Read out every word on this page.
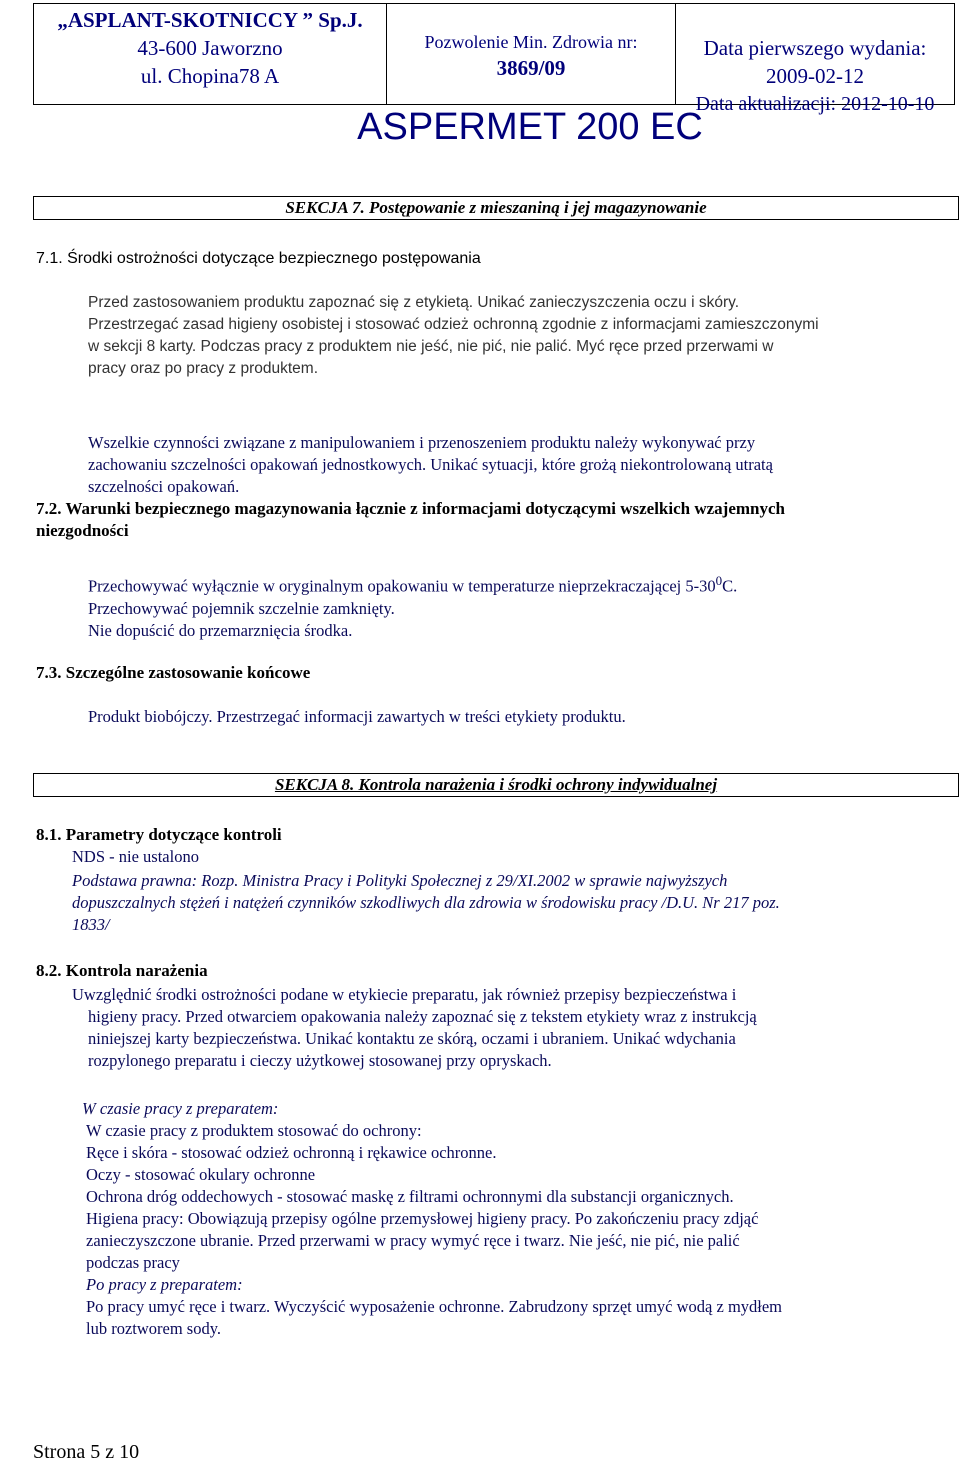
„ASPLANT-SKOTNICCY ” Sp.J.
43-600 Jaworzno
ul. Chopina78 A
Pozwolenie Min. Zdrowia nr:
3869/09
Data pierwszego wydania:
2009-02-12
Data aktualizacji: 2012-10-10
ASPERMET 200 EC
SEKCJA 7. Postępowanie z mieszaniną i jej magazynowanie
7.1. Środki ostrożności dotyczące bezpiecznego postępowania
Przed zastosowaniem produktu zapoznać się z etykietą. Unikać zanieczyszczenia oczu i skóry.
Przestrzegać zasad higieny osobistej i stosować odzież ochronną zgodnie z informacjami zamieszczonymi
w sekcji 8 karty. Podczas pracy z produktem nie jeść, nie pić, nie palić. Myć ręce przed przerwami w
pracy oraz po pracy z produktem.
Wszelkie czynności związane z manipulowaniem i przenoszeniem produktu należy wykonywać przy
zachowaniu szczelności opakowań jednostkowych. Unikać sytuacji, które grożą niekontrolowaną utratą
szczelności opakowań.
7.2. Warunki bezpiecznego magazynowania łącznie z informacjami dotyczącymi wszelkich wzajemnych
niezgodności
Przechowywać wyłącznie w oryginalnym opakowaniu w temperaturze nieprzekraczającej $5-30^0C$.
Przechowywać pojemnik szczelnie zamknięty.
Nie dopuścić do przemarznięcia środka.
7.3. Szczególne zastosowanie końcowe
Produkt biobójczy. Przestrzegać informacji zawartych w treści etykiety produktu.
SEKCJA 8. Kontrola narażenia i środki ochrony indywidualnej
8.1. Parametry dotyczące kontroli
NDS - nie ustalono
Podstawa prawna: Rozp. Ministra Pracy i Polityki Społecznej z 29/XI.2002 w sprawie najwyższych
dopuszczalnych stężeń i natężeń czynników szkodliwych dla zdrowia w środowisku pracy /D.U. Nr 217 poz.
1833/
8.2. Kontrola narażenia
Uwzględnić środki ostrożności podane w etykiecie preparatu, jak również przepisy bezpieczeństwa i
higieny pracy. Przed otwarciem opakowania należy zapoznać się z tekstem etykiety wraz z instrukcją
niniejszej karty bezpieczeństwa. Unikać kontaktu ze skórą, oczami i ubraniem. Unikać wdychania
rozpylonego preparatu i cieczy użytkowej stosowanej przy opryskach.
W czasie pracy z preparatem:
W czasie pracy z produktem stosować do ochrony:
Ręce i skóra - stosować odzież ochronną i rękawice ochronne.
Oczy - stosować okulary ochronne
Ochrona dróg oddechowych - stosować maskę z filtrami ochronnymi dla substancji organicznych.
Higiena pracy: Obowiązują przepisy ogólne przemysłowej higieny pracy. Po zakończeniu pracy zdjąć
zanieczyszczone ubranie. Przed przerwami w pracy wymyć ręce i twarz. Nie jeść, nie pić, nie palić
podczas pracy
Po pracy z preparatem:
Po pracy umyć ręce i twarz. Wyczyścić wyposażenie ochronne. Zabrudzony sprzęt umyć wodą z mydłem
lub roztworem sody.
Strona 5 z 10
